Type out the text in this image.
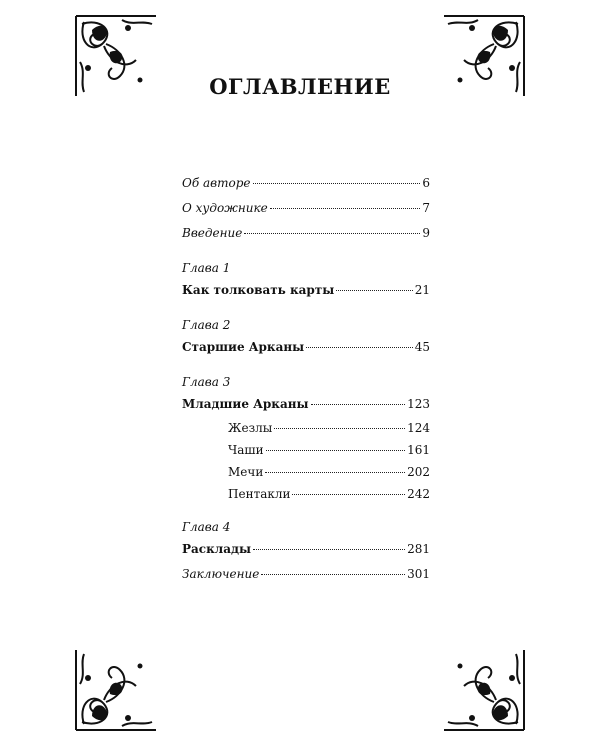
ОГЛАВЛЕНИЕ
Об авторе	6
О художнике	7
Введение	9
Глава 1
Как толковать карты	21
Глава 2
Старшие Арканы	45
Глава 3
Младшие Арканы	123
Жезлы	124
Чаши	161
Мечи	202
Пентакли	242
Глава 4
Расклады	281
Заключение	301
